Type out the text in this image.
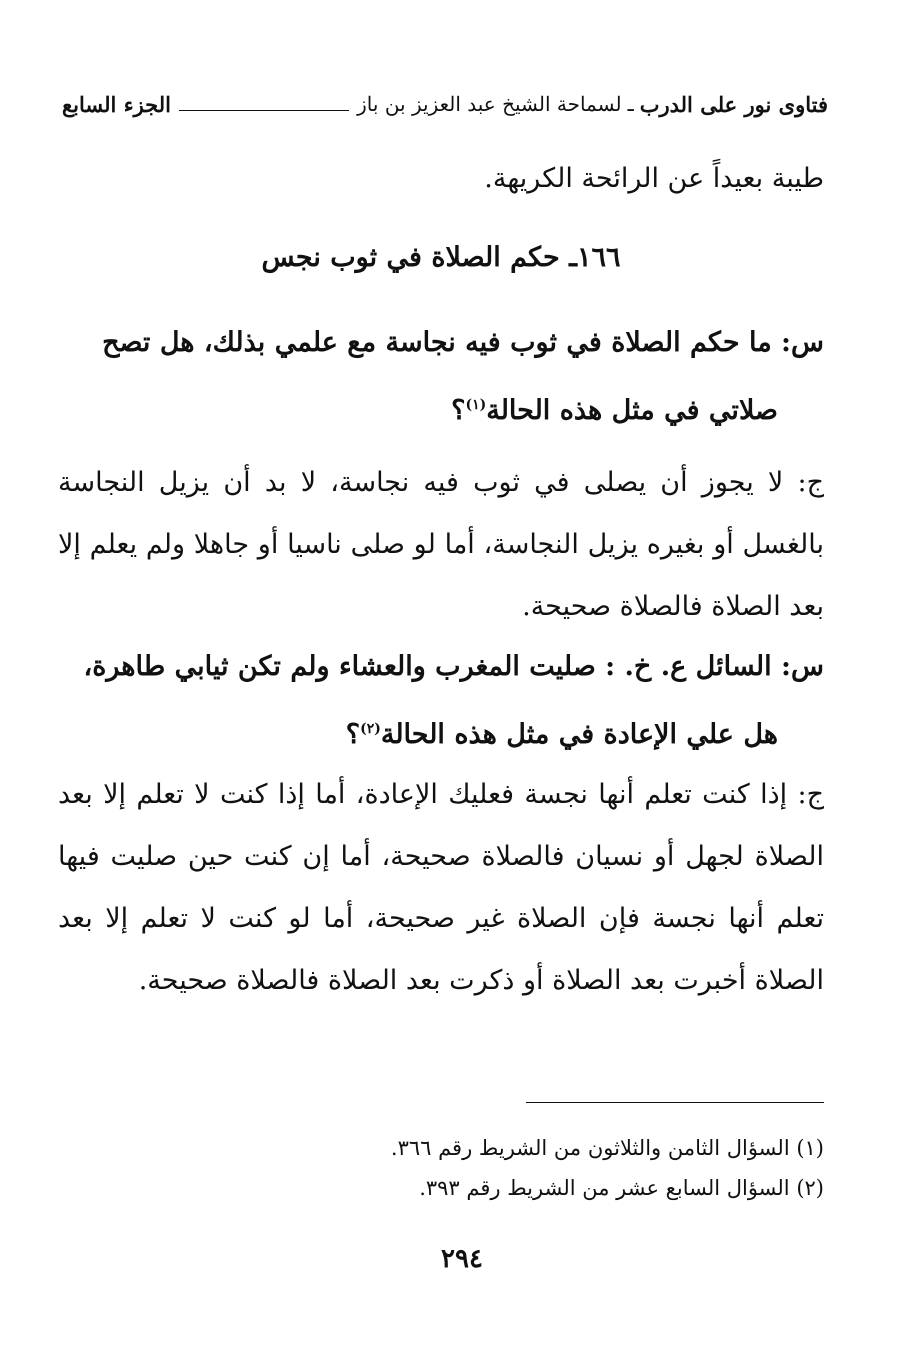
فتاوى نور على الدرب
ـ
لسماحة الشيخ عبد العزيز بن باز
الجزء السابع
طيبة بعيداً عن الرائحة الكريهة.
١٦٦ـ حكم الصلاة في ثوب نجس
س: ما حكم الصلاة في ثوب فيه نجاسة مع علمي بذلك، هل تصح
صلاتي في مثل هذه الحالة$^{(١)}$؟
ج: لا يجوز أن يصلى في ثوب فيه نجاسة، لا بد أن يزيل النجاسة بالغسل أو بغيره يزيل النجاسة، أما لو صلى ناسيا أو جاهلا ولم يعلم إلا بعد الصلاة فالصلاة صحيحة.
س: السائل ع. خ. : صليت المغرب والعشاء ولم تكن ثيابي طاهرة،
هل علي الإعادة في مثل هذه الحالة$^{(٢)}$؟
ج: إذا كنت تعلم أنها نجسة فعليك الإعادة، أما إذا كنت لا تعلم إلا بعد الصلاة لجهل أو نسيان فالصلاة صحيحة، أما إن كنت حين صليت فيها تعلم أنها نجسة فإن الصلاة غير صحيحة، أما لو كنت لا تعلم إلا بعد الصلاة أخبرت بعد الصلاة أو ذكرت بعد الصلاة فالصلاة صحيحة.
(١) السؤال الثامن والثلاثون من الشريط رقم ٣٦٦.
(٢) السؤال السابع عشر من الشريط رقم ٣٩٣.
٢٩٤
